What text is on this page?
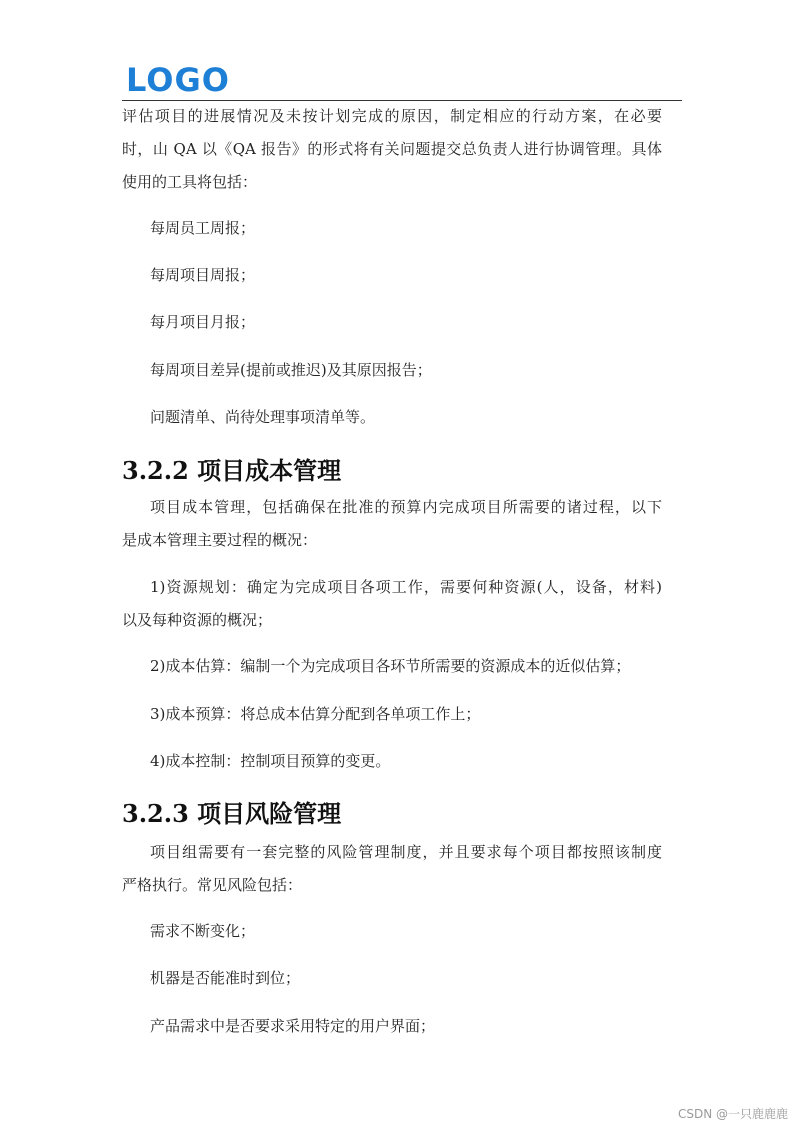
LOGO
评估项目的进展情况及未按计划完成的原因，制定相应的行动方案，在必要
时，山 QA 以《QA 报告》的形式将有关问题提交总负责人进行协调管理。具体
使用的工具将包括：
每周员工周报；
每周项目周报；
每月项目月报；
每周项目差异(提前或推迟)及其原因报告；
问题清单、尚待处理事项清单等。
3.2.2 项目成本管理
项目成本管理，包括确保在批准的预算内完成项目所需要的诸过程，以下
是成本管理主要过程的概况：
1)资源规划：确定为完成项目各项工作，需要何种资源(人，设备，材料)
以及每种资源的概况；
2)成本估算：编制一个为完成项目各环节所需要的资源成本的近似估算；
3)成本预算：将总成本估算分配到各单项工作上；
4)成本控制：控制项目预算的变更。
3.2.3 项目风险管理
项目组需要有一套完整的风险管理制度，并且要求每个项目都按照该制度
严格执行。常见风险包括：
需求不断变化；
机器是否能准时到位；
产品需求中是否要求采用特定的用户界面；
CSDN @一只鹿鹿鹿
